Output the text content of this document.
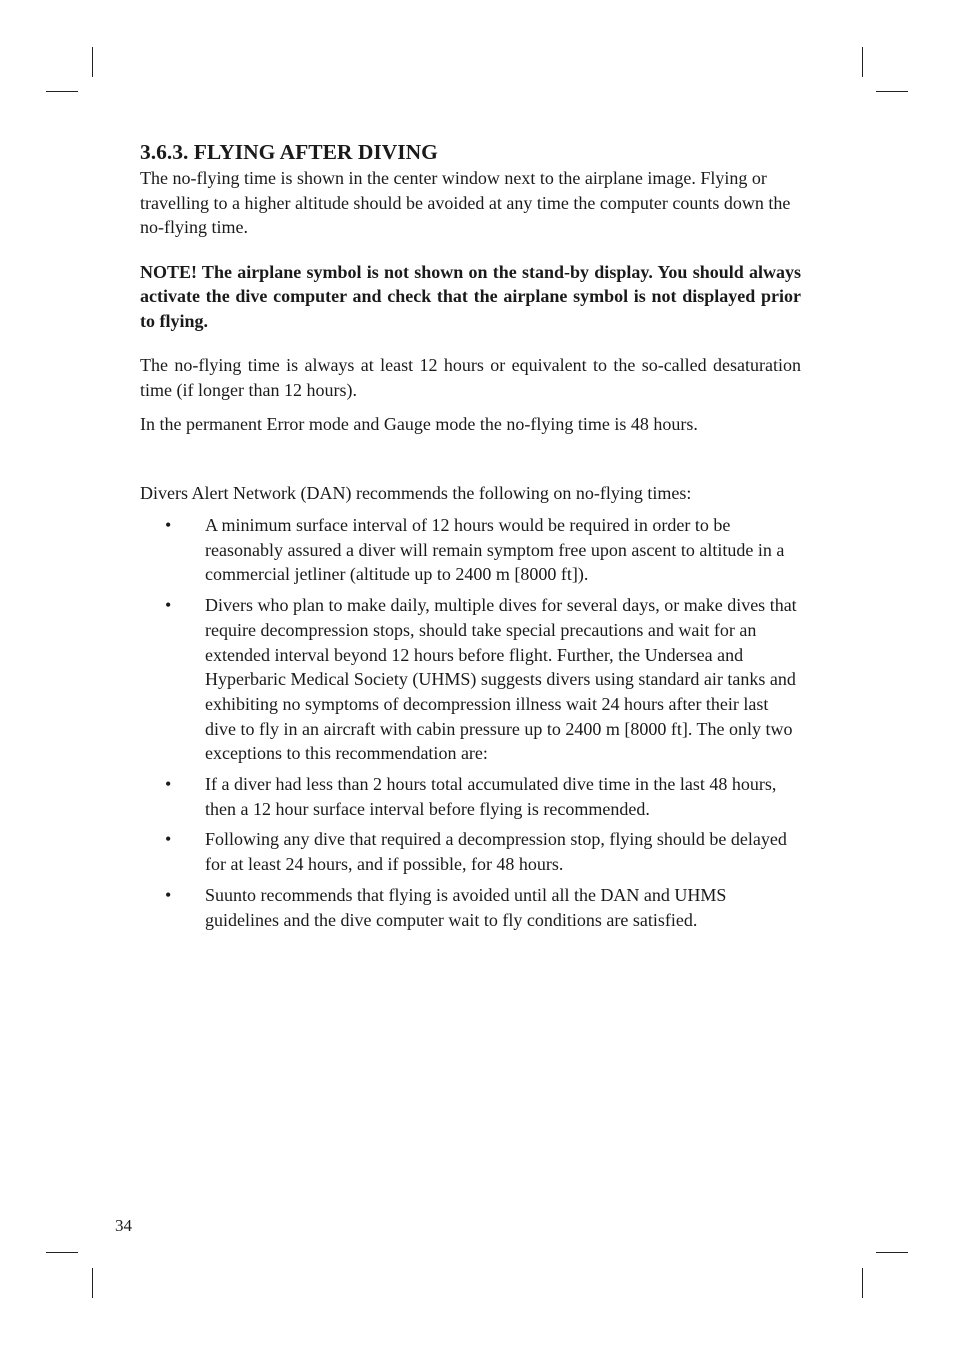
3.6.3. FLYING AFTER DIVING

The no-flying time is shown in the center window next to the airplane image. Flying or travelling to a higher altitude should be avoided at any time the computer counts down the no-flying time.

NOTE! The airplane symbol is not shown on the stand-by display. You should always activate the dive computer and check that the airplane symbol is not displayed prior to flying.

The no-flying time is always at least 12 hours or equivalent to the so-called desaturation time (if longer than 12 hours).

In the permanent Error mode and Gauge mode the no-flying time is 48 hours.

Divers Alert Network (DAN) recommends the following on no-flying times:

• A minimum surface interval of 12 hours would be required in order to be reasonably assured a diver will remain symptom free upon ascent to altitude in a commercial jetliner (altitude up to 2400 m [8000 ft]).
• Divers who plan to make daily, multiple dives for several days, or make dives that require decompression stops, should take special precautions and wait for an extended interval beyond 12 hours before flight. Further, the Undersea and Hyperbaric Medical Society (UHMS) suggests divers using standard air tanks and exhibiting no symptoms of decompression illness wait 24 hours after their last dive to fly in an aircraft with cabin pressure up to 2400 m [8000 ft]. The only two exceptions to this recommendation are:
• If a diver had less than 2 hours total accumulated dive time in the last 48 hours, then a 12 hour surface interval before flying is recommended.
• Following any dive that required a decompression stop, flying should be delayed for at least 24 hours, and if possible, for 48 hours.
• Suunto recommends that flying is avoided until all the DAN and UHMS guidelines and the dive computer wait to fly conditions are satisfied.
34
